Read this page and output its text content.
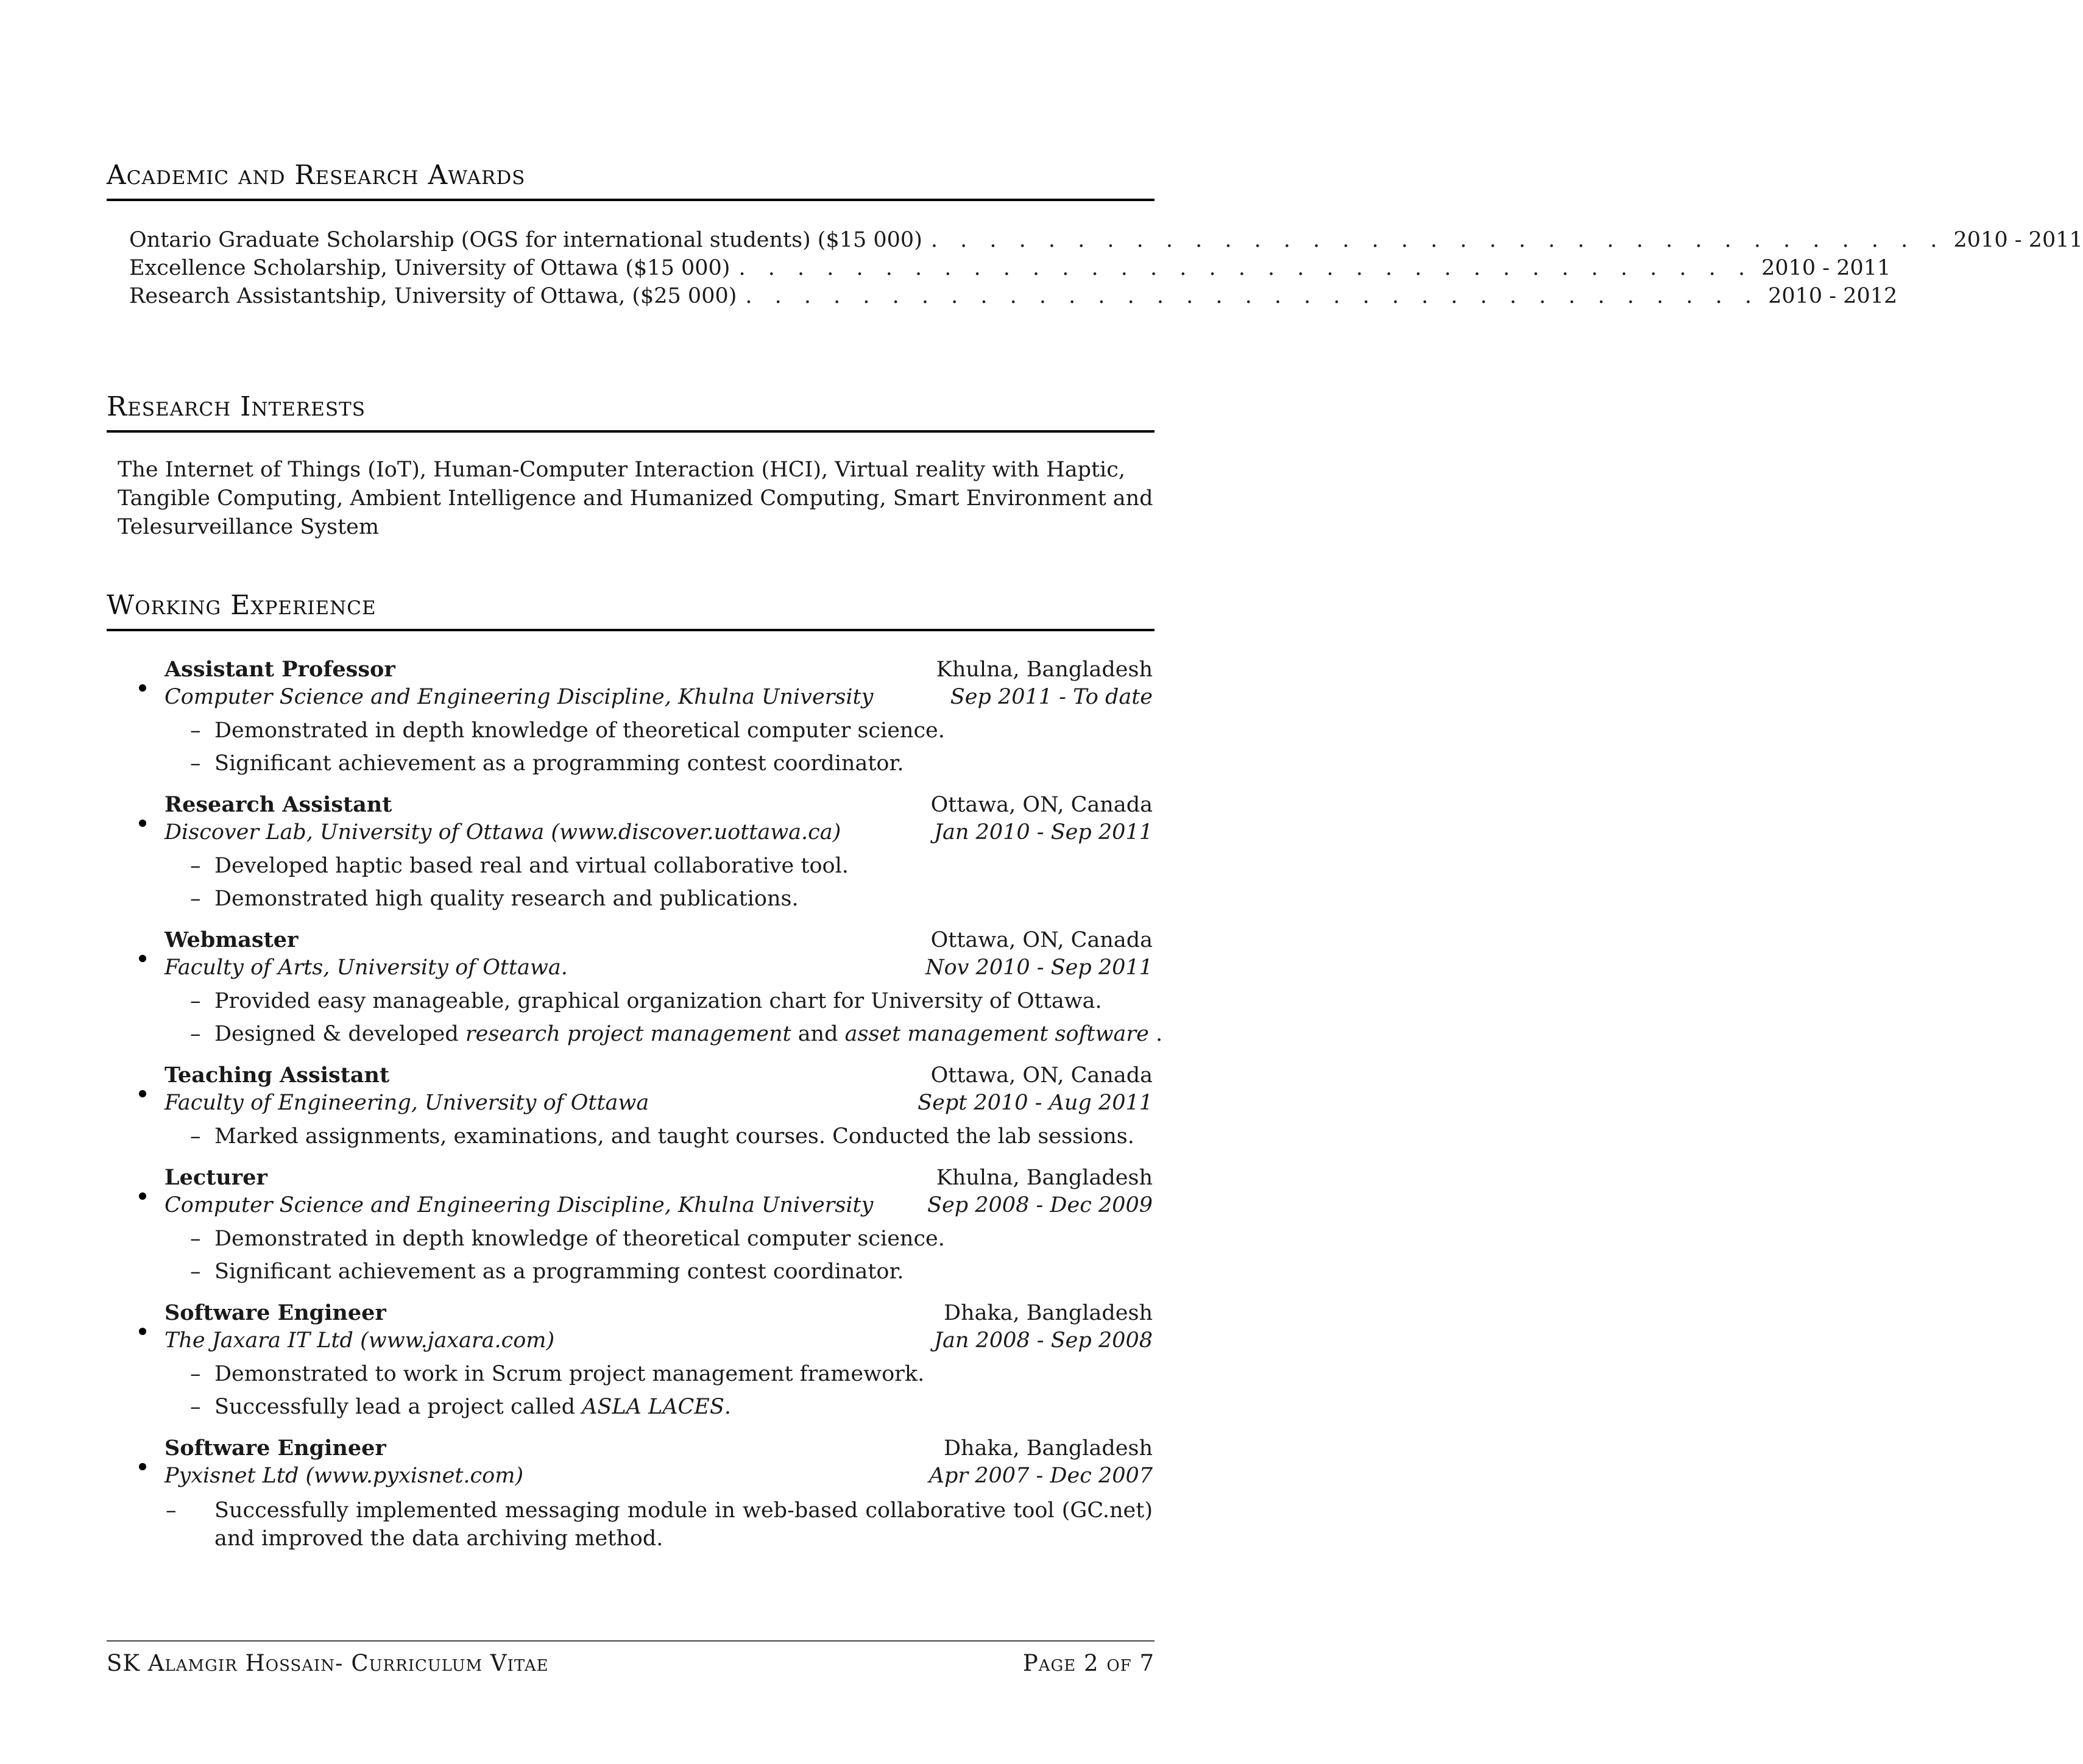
Academic and Research Awards
Ontario Graduate Scholarship (OGS for international students) ($15 000) . . . . . . . . . . . . . . . . . . . . . . . . . . . . . . . . . . . 2010 - 2011
Excellence Scholarship, University of Ottawa ($15 000) . . . . . . . . . . . . . . . . . . . . . . . . . . . . . . . . . . . 2010 - 2011
Research Assistantship, University of Ottawa, ($25 000) . . . . . . . . . . . . . . . . . . . . . . . . . . . . . . . . . . . 2010 - 2012
Research Interests
The Internet of Things (IoT), Human-Computer Interaction (HCI), Virtual reality with Haptic, Tangible Computing, Ambient Intelligence and Humanized Computing, Smart Environment and Telesurveillance System
Working Experience
Assistant Professor	Khulna, Bangladesh
Computer Science and Engineering Discipline, Khulna University	Sep 2011 - To date
– Demonstrated in depth knowledge of theoretical computer science.
– Significant achievement as a programming contest coordinator.
Research Assistant	Ottawa, ON, Canada
Discover Lab, University of Ottawa (www.discover.uottawa.ca)	Jan 2010 - Sep 2011
– Developed haptic based real and virtual collaborative tool.
– Demonstrated high quality research and publications.
Webmaster	Ottawa, ON, Canada
Faculty of Arts, University of Ottawa.	Nov 2010 - Sep 2011
– Provided easy manageable, graphical organization chart for University of Ottawa.
– Designed & developed research project management and asset management software .
Teaching Assistant	Ottawa, ON, Canada
Faculty of Engineering, University of Ottawa	Sept 2010 - Aug 2011
– Marked assignments, examinations, and taught courses. Conducted the lab sessions.
Lecturer	Khulna, Bangladesh
Computer Science and Engineering Discipline, Khulna University	Sep 2008 - Dec 2009
– Demonstrated in depth knowledge of theoretical computer science.
– Significant achievement as a programming contest coordinator.
Software Engineer	Dhaka, Bangladesh
The Jaxara IT Ltd (www.jaxara.com)	Jan 2008 - Sep 2008
– Demonstrated to work in Scrum project management framework.
– Successfully lead a project called ASLA LACES.
Software Engineer	Dhaka, Bangladesh
Pyxisnet Ltd (www.pyxisnet.com)	Apr 2007 - Dec 2007
– Successfully implemented messaging module in web-based collaborative tool (GC.net) and improved the data archiving method.
SK Alamgir Hossain- Curriculum Vitae	Page 2 of 7
